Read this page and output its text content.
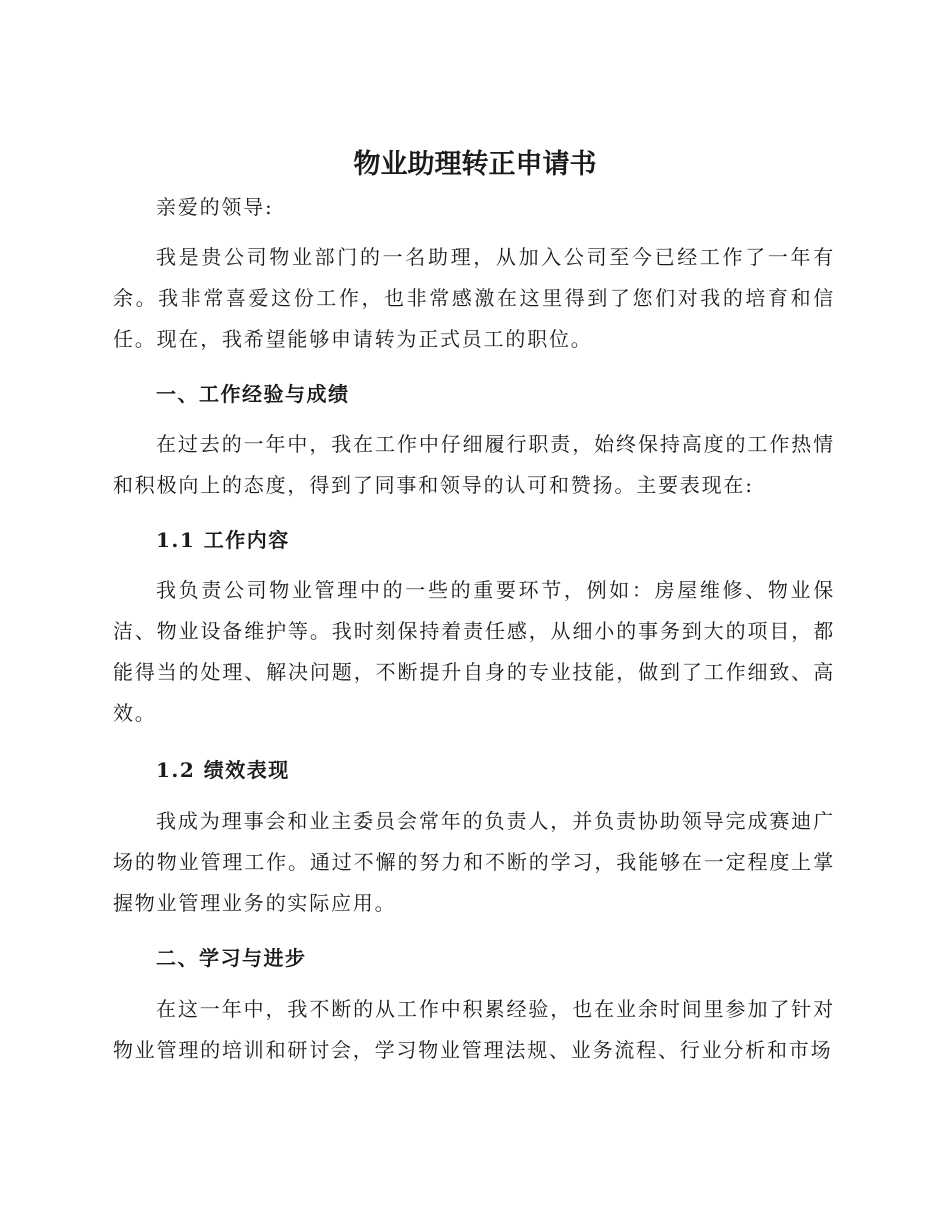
物业助理转正申请书

亲爱的领导:

我是贵公司物业部门的一名助理，从加入公司至今已经工作了一年有余。我非常喜爱这份工作，也非常感激在这里得到了您们对我的培育和信任。现在，我希望能够申请转为正式员工的职位。

一、工作经验与成绩

在过去的一年中，我在工作中仔细履行职责，始终保持高度的工作热情和积极向上的态度，得到了同事和领导的认可和赞扬。主要表现在:

1.1 工作内容

我负责公司物业管理中的一些的重要环节，例如：房屋维修、物业保洁、物业设备维护等。我时刻保持着责任感，从细小的事务到大的项目，都能得当的处理、解决问题，不断提升自身的专业技能，做到了工作细致、高效。

1.2 绩效表现

我成为理事会和业主委员会常年的负责人，并负责协助领导完成赛迪广场的物业管理工作。通过不懈的努力和不断的学习，我能够在一定程度上掌握物业管理业务的实际应用。

二、学习与进步

在这一年中，我不断的从工作中积累经验，也在业余时间里参加了针对物业管理的培训和研讨会，学习物业管理法规、业务流程、行业分析和市场
